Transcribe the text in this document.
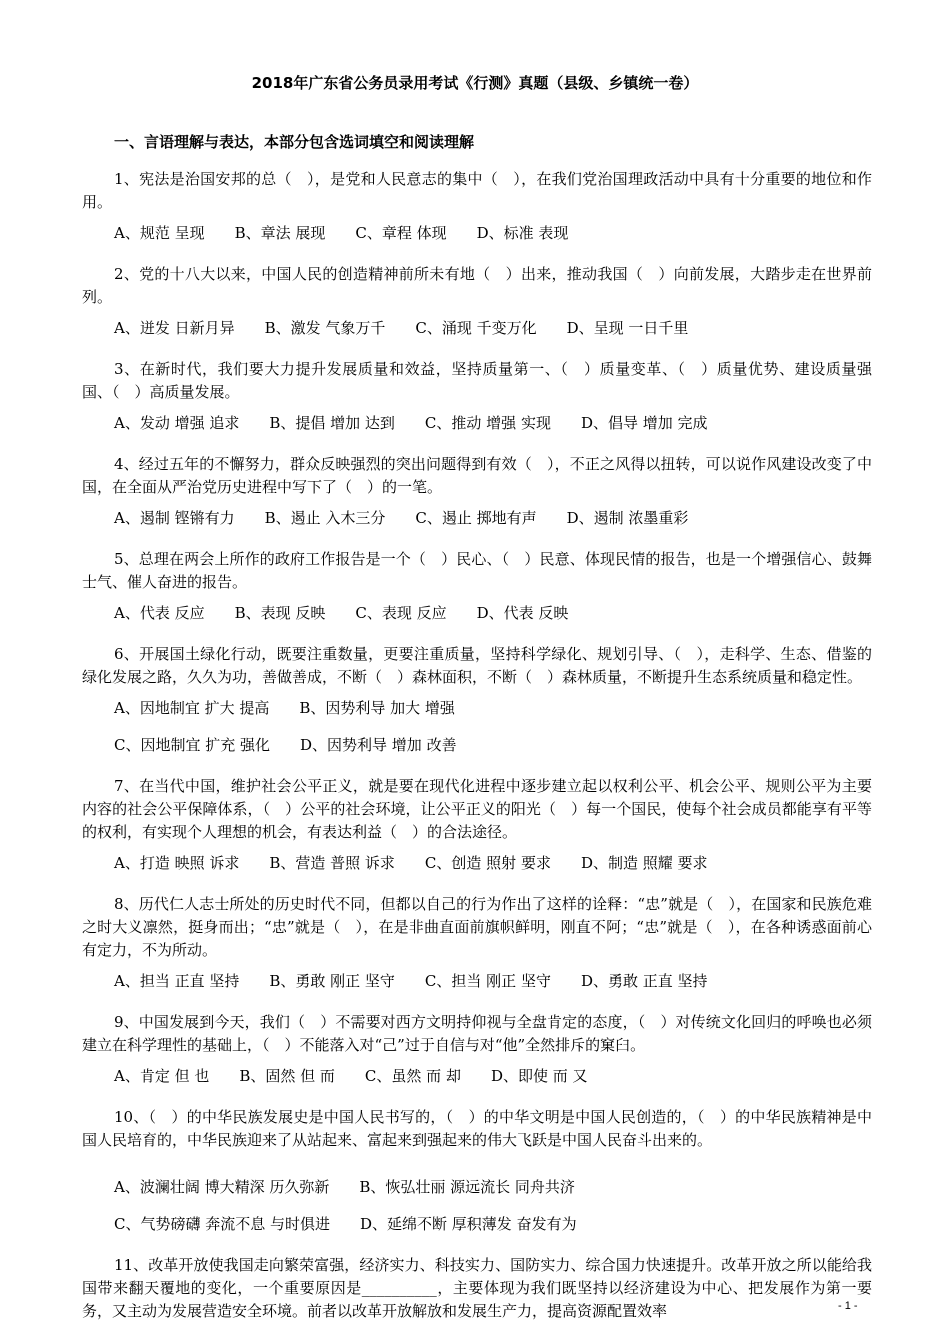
2018年广东省公务员录用考试《行测》真题（县级、乡镇统一卷）
一、言语理解与表达，本部分包含选词填空和阅读理解

1、宪法是治国安邦的总（　），是党和人民意志的集中（　），在我们党治国理政活动中具有十分重要的地位和作用。

A、规范 呈现　　B、章法 展现　　C、章程 体现　　D、标准 表现

2、党的十八大以来，中国人民的创造精神前所未有地（　）出来，推动我国（　）向前发展，大踏步走在世界前列。

A、迸发 日新月异　　B、激发 气象万千　　C、涌现 千变万化　　D、呈现 一日千里

3、在新时代，我们要大力提升发展质量和效益，坚持质量第一、（　）质量变革、（　）质量优势、建设质量强国、（　）高质量发展。

A、发动 增强 追求　　B、提倡 增加 达到　　C、推动 增强 实现　　D、倡导 增加 完成

4、经过五年的不懈努力，群众反映强烈的突出问题得到有效（　），不正之风得以扭转，可以说作风建设改变了中国，在全面从严治党历史进程中写下了（　）的一笔。

A、遏制 铿锵有力　　B、遏止 入木三分　　C、遏止 掷地有声　　D、遏制 浓墨重彩

5、总理在两会上所作的政府工作报告是一个（　）民心、（　）民意、体现民情的报告，也是一个增强信心、鼓舞士气、催人奋进的报告。

A、代表 反应　　B、表现 反映　　C、表现 反应　　D、代表 反映

6、开展国土绿化行动，既要注重数量，更要注重质量，坚持科学绿化、规划引导、（　），走科学、生态、借鉴的绿化发展之路，久久为功，善做善成，不断（　）森林面积，不断（　）森林质量，不断提升生态系统质量和稳定性。

A、因地制宜 扩大 提高　　B、因势利导 加大 增强
C、因地制宜 扩充 强化　　D、因势利导 增加 改善

7、在当代中国，维护社会公平正义，就是要在现代化进程中逐步建立起以权利公平、机会公平、规则公平为主要内容的社会公平保障体系，（　）公平的社会环境，让公平正义的阳光（　）每一个国民，使每个社会成员都能享有平等的权利，有实现个人理想的机会，有表达利益（　）的合法途径。

A、打造 映照 诉求　　B、营造 普照 诉求　　C、创造 照射 要求　　D、制造 照耀 要求

8、历代仁人志士所处的历史时代不同，但都以自己的行为作出了这样的诠释：“忠”就是（　），在国家和民族危难之时大义凛然，挺身而出；“忠”就是（　），在是非曲直面前旗帜鲜明，刚直不阿；“忠”就是（　），在各种诱惑面前心有定力，不为所动。

A、担当 正直 坚持　　B、勇敢 刚正 坚守　　C、担当 刚正 坚守　　D、勇敢 正直 坚持

9、中国发展到今天，我们（　）不需要对西方文明持仰视与全盘肯定的态度，（　）对传统文化回归的呼唤也必须建立在科学理性的基础上，（　）不能落入对“己”过于自信与对“他”全然排斥的窠臼。

A、肯定 但 也　　B、固然 但 而　　C、虽然 而 却　　D、即使 而 又

10、（　）的中华民族发展史是中国人民书写的，（　）的中华文明是中国人民创造的，（　）的中华民族精神是中国人民培育的，中华民族迎来了从站起来、富起来到强起来的伟大飞跃是中国人民奋斗出来的。

A、波澜壮阔 博大精深 历久弥新　　B、恢弘壮丽 源远流长 同舟共济
C、气势磅礴 奔流不息 与时俱进　　D、延绵不断 厚积薄发 奋发有为

11、改革开放使我国走向繁荣富强，经济实力、科技实力、国防实力、综合国力快速提升。改革开放之所以能给我国带来翻天覆地的变化，一个重要原因是__________，主要体现为我们既坚持以经济建设为中心、把发展作为第一要务，又主动为发展营造安全环境。前者以改革开放解放和发展生产力，提高资源配置效率	- 1 -
